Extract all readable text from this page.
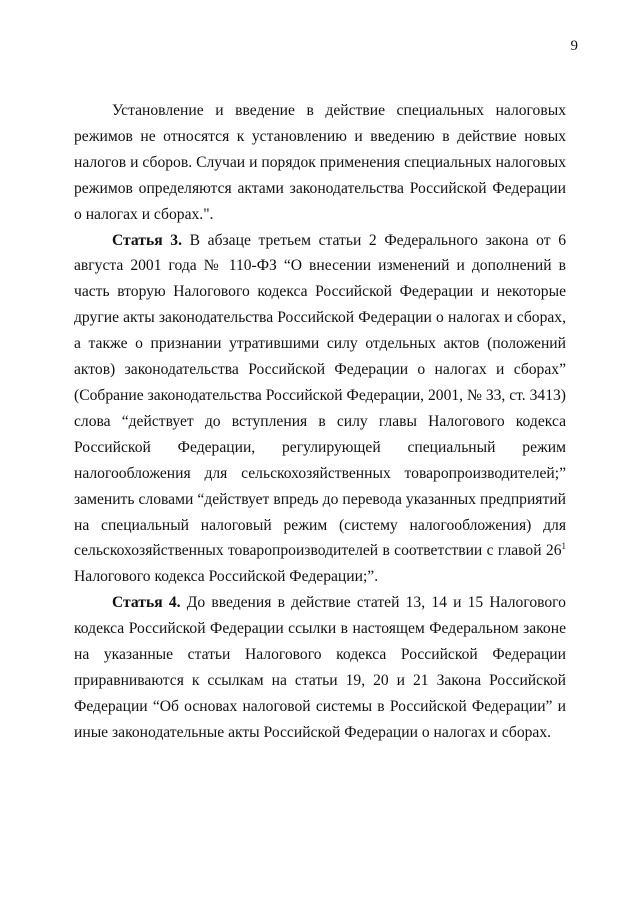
9

Установление и введение в действие специальных налоговых режимов не относятся к установлению и введению в действие новых налогов и сборов. Случаи и порядок применения специальных налоговых режимов определяются актами законодательства Российской Федерации о налогах и сборах.".

Статья 3. В абзаце третьем статьи 2 Федерального закона от 6 августа 2001 года № 110-ФЗ “О внесении изменений и дополнений в часть вторую Налогового кодекса Российской Федерации и некоторые другие акты законодательства Российской Федерации о налогах и сборах, а также о признании утратившими силу отдельных актов (положений актов) законодательства Российской Федерации о налогах и сборах” (Собрание законодательства Российской Федерации, 2001, № 33, ст. 3413) слова “действует до вступления в силу главы Налогового кодекса Российской Федерации, регулирующей специальный режим налогообложения для сельскохозяйственных товаропроизводителей;” заменить словами “действует впредь до перевода указанных предприятий на специальный налоговый режим (систему налогообложения) для сельскохозяйственных товаропроизводителей в соответствии с главой $26^1$ Налогового кодекса Российской Федерации;”.

Статья 4. До введения в действие статей 13, 14 и 15 Налогового кодекса Российской Федерации ссылки в настоящем Федеральном законе на указанные статьи Налогового кодекса Российской Федерации приравниваются к ссылкам на статьи 19, 20 и 21 Закона Российской Федерации “Об основах налоговой системы в Российской Федерации” и иные законодательные акты Российской Федерации о налогах и сборах.
